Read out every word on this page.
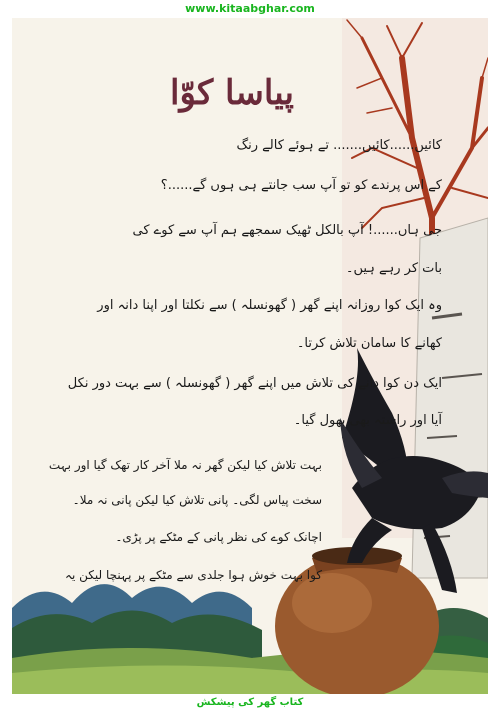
www.kitaabghar.com
پیاسا کوّا
کائیں......کائیں....... تے ہوئے کالے رنگ
کے اس پرندے کو تو آپ سب جانتے ہی ہوں گے......؟
جی ہاں......! آپ بالکل ٹھیک سمجھے ہم آپ سے کوے کی
بات کر رہے ہیں۔
وہ ایک کوا روزانہ اپنے گھر ( گھونسلہ ) سے نکلتا اور اپنا دانہ اور
کھانے کا سامان تلاش کرتا۔
ایک دن کوا دانے کی تلاش میں اپنے گھر ( گھونسلہ ) سے بہت دور نکل
آیا اور راستہ بھی بھول گیا۔
بہت تلاش کیا لیکن گھر نہ ملا آخر کار تھک گیا اور بہت
سخت پیاس لگی۔ پانی تلاش کیا لیکن پانی نہ ملا۔
اچانک کوے کی نظر پانی کے مٹکے پر پڑی۔
کوا بہت خوش ہوا جلدی سے مٹکے پر پہنچا لیکن یہ
کتاب گھر کی پیشکش
